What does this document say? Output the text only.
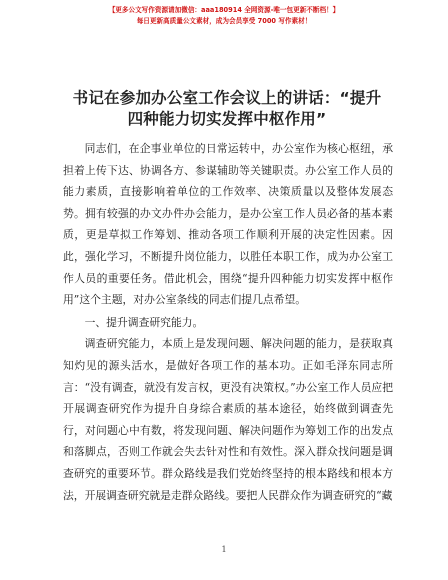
【更多公文写作资源请加微信：aaa180914 全网资源-唯一包更新不断档！】
每日更新高质量公文素材，成为会员享受 7000 写作素材！
书记在参加办公室工作会议上的讲话：“提升四种能力切实发挥中枢作用”

同志们，在企事业单位的日常运转中，办公室作为核心枢纽，承担着上传下达、协调各方、参谋辅助等关键职责。办公室工作人员的能力素质，直接影响着单位的工作效率、决策质量以及整体发展态势。拥有较强的办文办件办会能力，是办公室工作人员必备的基本素质，更是草拟工作筹划、推动各项工作顺利开展的决定性因素。因此，强化学习，不断提升岗位能力，以胜任本职工作，成为办公室工作人员的重要任务。借此机会，围绕“提升四种能力切实发挥中枢作用”这个主题，对办公室条线的同志们提几点希望。

一、提升调查研究能力。

调查研究能力，本质上是发现问题、解决问题的能力，是获取真知灼见的源头活水，是做好各项工作的基本功。正如毛泽东同志所言：“没有调查，就没有发言权，更没有决策权。”办公室工作人员应把开展调查研究作为提升自身综合素质的基本途径，始终做到调查先行，对问题心中有数，将发现问题、解决问题作为筹划工作的出发点和落脚点，否则工作就会失去针对性和有效性。深入群众找问题是调查研究的重要环节。群众路线是我们党始终坚持的根本路线和根本方法，开展调查研究就是走群众路线。要把人民群众作为调查研究的“藏

1
